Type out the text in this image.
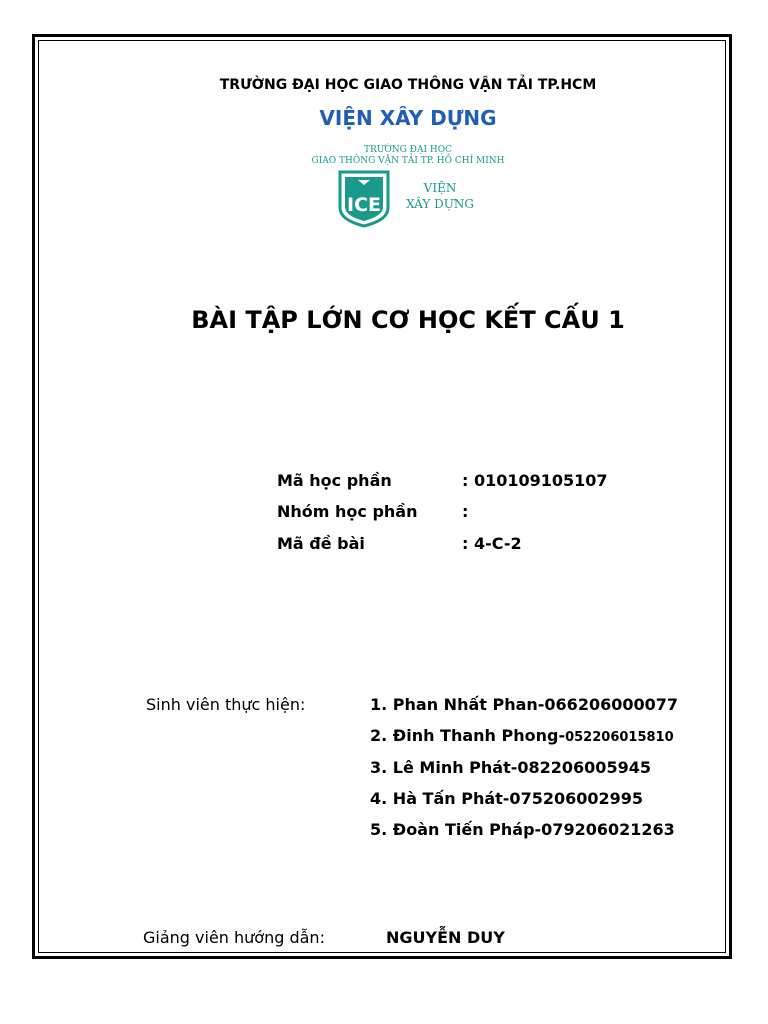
TRƯỜNG ĐẠI HỌC GIAO THÔNG VẬN TẢI TP.HCM
VIỆN XÂY DỰNG
TRƯỜNG ĐẠI HỌC
GIAO THÔNG VẬN TẢI TP. HỒ CHÍ MINH
1997
ICE
VIỆN
XÂY DỰNG
BÀI TẬP LỚN CƠ HỌC KẾT CẤU 1
Mã học phần	: 010109105107
Nhóm học phần	:
Mã đề bài	: 4-C-2
Sinh viên thực hiện:	1. Phan Nhất Phan-066206000077
2. Đinh Thanh Phong-052206015810
3. Lê Minh Phát-082206005945
4. Hà Tấn Phát-075206002995
5. Đoàn Tiến Pháp-079206021263
Giảng viên hướng dẫn:	NGUYỄN DUY
